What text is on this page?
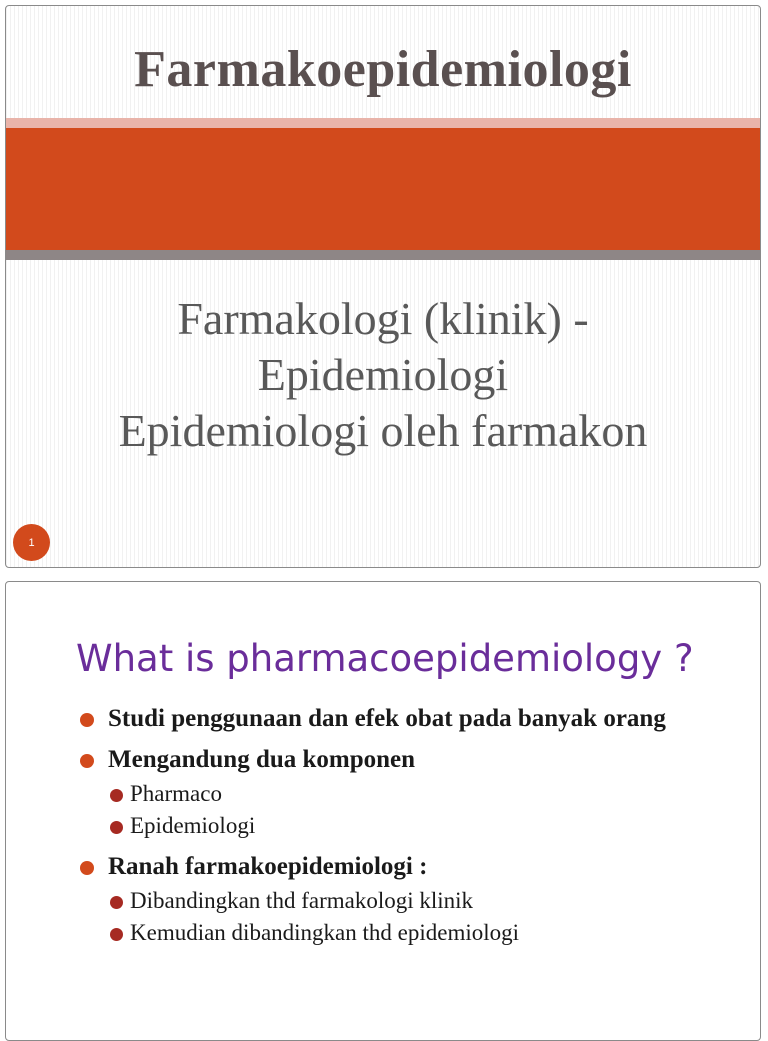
Farmakoepidemiologi
Farmakologi (klinik) -
Epidemiologi
Epidemiologi oleh farmakon
1
What is pharmacoepidemiology ?
Studi penggunaan dan efek obat pada banyak orang
Mengandung dua komponen
Pharmaco
Epidemiologi
Ranah farmakoepidemiologi :
Dibandingkan thd farmakologi klinik
Kemudian dibandingkan thd epidemiologi
